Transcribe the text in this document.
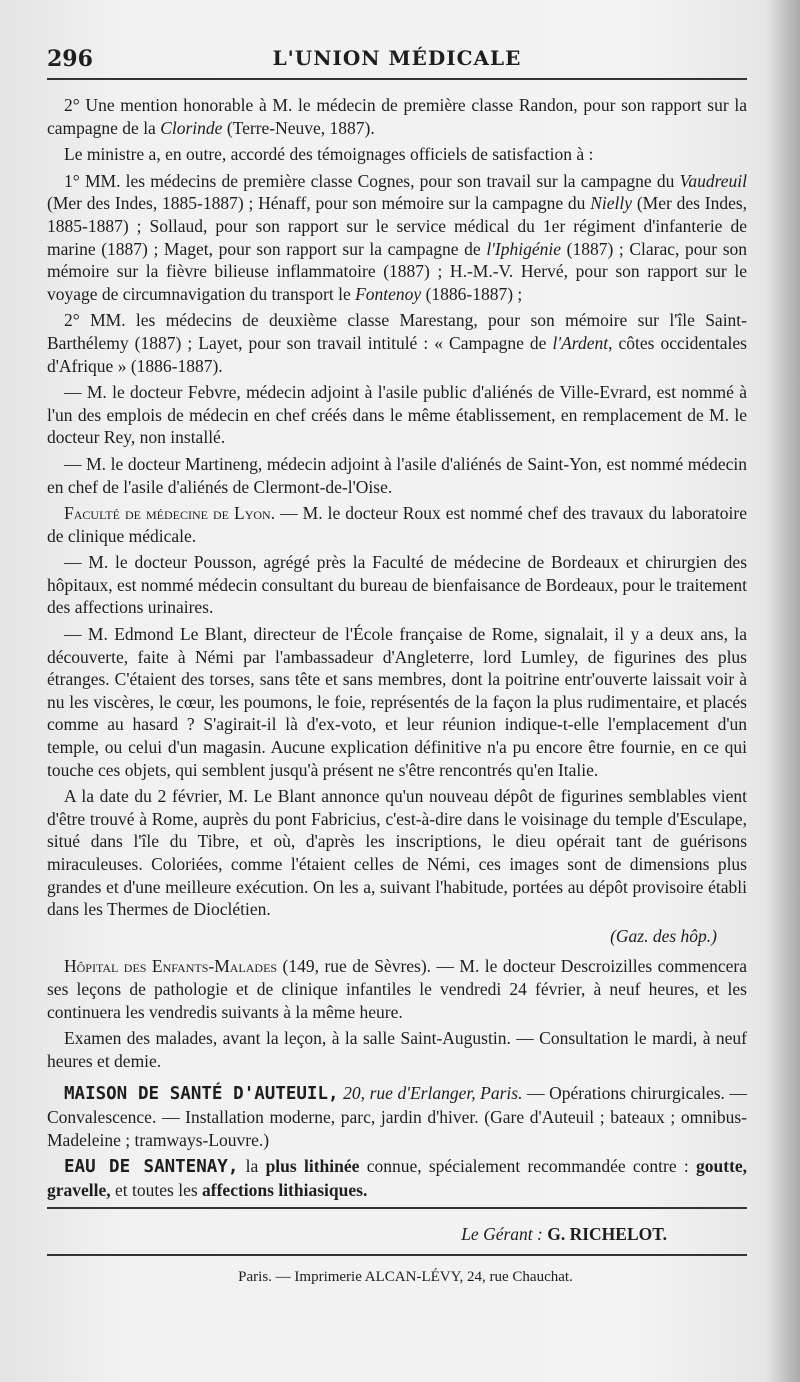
296	L'UNION MÉDICALE

2° Une mention honorable à M. le médecin de première classe Randon, pour son rapport sur la campagne de la Clorinde (Terre-Neuve, 1887).

Le ministre a, en outre, accordé des témoignages officiels de satisfaction à :

1° MM. les médecins de première classe Cognes, pour son travail sur la campagne du Vaudreuil (Mer des Indes, 1885-1887) ; Hénaff, pour son mémoire sur la campagne du Nielly (Mer des Indes, 1885-1887) ; Sollaud, pour son rapport sur le service médical du 1er régiment d'infanterie de marine (1887) ; Maget, pour son rapport sur la campagne de l'Iphigénie (1887) ; Clarac, pour son mémoire sur la fièvre bilieuse inflammatoire (1887) ; H.-M.-V. Hervé, pour son rapport sur le voyage de circumnavigation du transport le Fontenoy (1886-1887) ;

2° MM. les médecins de deuxième classe Marestang, pour son mémoire sur l'île Saint-Barthélemy (1887) ; Layet, pour son travail intitulé : « Campagne de l'Ardent, côtes occidentales d'Afrique » (1886-1887).

— M. le docteur Febvre, médecin adjoint à l'asile public d'aliénés de Ville-Evrard, est nommé à l'un des emplois de médecin en chef créés dans le même établissement, en remplacement de M. le docteur Rey, non installé.

— M. le docteur Martineng, médecin adjoint à l'asile d'aliénés de Saint-Yon, est nommé médecin en chef de l'asile d'aliénés de Clermont-de-l'Oise.

Faculté de médecine de Lyon. — M. le docteur Roux est nommé chef des travaux du laboratoire de clinique médicale.

— M. le docteur Pousson, agrégé près la Faculté de médecine de Bordeaux et chirurgien des hôpitaux, est nommé médecin consultant du bureau de bienfaisance de Bordeaux, pour le traitement des affections urinaires.

— M. Edmond Le Blant, directeur de l'École française de Rome, signalait, il y a deux ans, la découverte, faite à Némi par l'ambassadeur d'Angleterre, lord Lumley, de figurines des plus étranges. C'étaient des torses, sans tête et sans membres, dont la poitrine entr'ouverte laissait voir à nu les viscères, le cœur, les poumons, le foie, représentés de la façon la plus rudimentaire, et placés comme au hasard ? S'agirait-il là d'ex-voto, et leur réunion indique-t-elle l'emplacement d'un temple, ou celui d'un magasin. Aucune explication définitive n'a pu encore être fournie, en ce qui touche ces objets, qui semblent jusqu'à présent ne s'être rencontrés qu'en Italie.

A la date du 2 février, M. Le Blant annonce qu'un nouveau dépôt de figurines semblables vient d'être trouvé à Rome, auprès du pont Fabricius, c'est-à-dire dans le voisinage du temple d'Esculape, situé dans l'île du Tibre, et où, d'après les inscriptions, le dieu opérait tant de guérisons miraculeuses. Coloriées, comme l'étaient celles de Némi, ces images sont de dimensions plus grandes et d'une meilleure exécution. On les a, suivant l'habitude, portées au dépôt provisoire établi dans les Thermes de Dioclétien.

(Gaz. des hôp.)

Hôpital des Enfants-Malades (149, rue de Sèvres). — M. le docteur Descroizilles commencera ses leçons de pathologie et de clinique infantiles le vendredi 24 février, à neuf heures, et les continuera les vendredis suivants à la même heure.

Examen des malades, avant la leçon, à la salle Saint-Augustin. — Consultation le mardi, à neuf heures et demie.

MAISON DE SANTÉ D'AUTEUIL, 20, rue d'Erlanger, Paris. — Opérations chirurgicales. — Convalescence. — Installation moderne, parc, jardin d'hiver. (Gare d'Auteuil ; bateaux ; omnibus-Madeleine ; tramways-Louvre.)

EAU DE SANTENAY, la plus lithinée connue, spécialement recommandée contre : goutte, gravelle, et toutes les affections lithiasiques.

Le Gérant : G. RICHELOT.

Paris. — Imprimerie ALCAN-LÉVY, 24, rue Chauchat.
